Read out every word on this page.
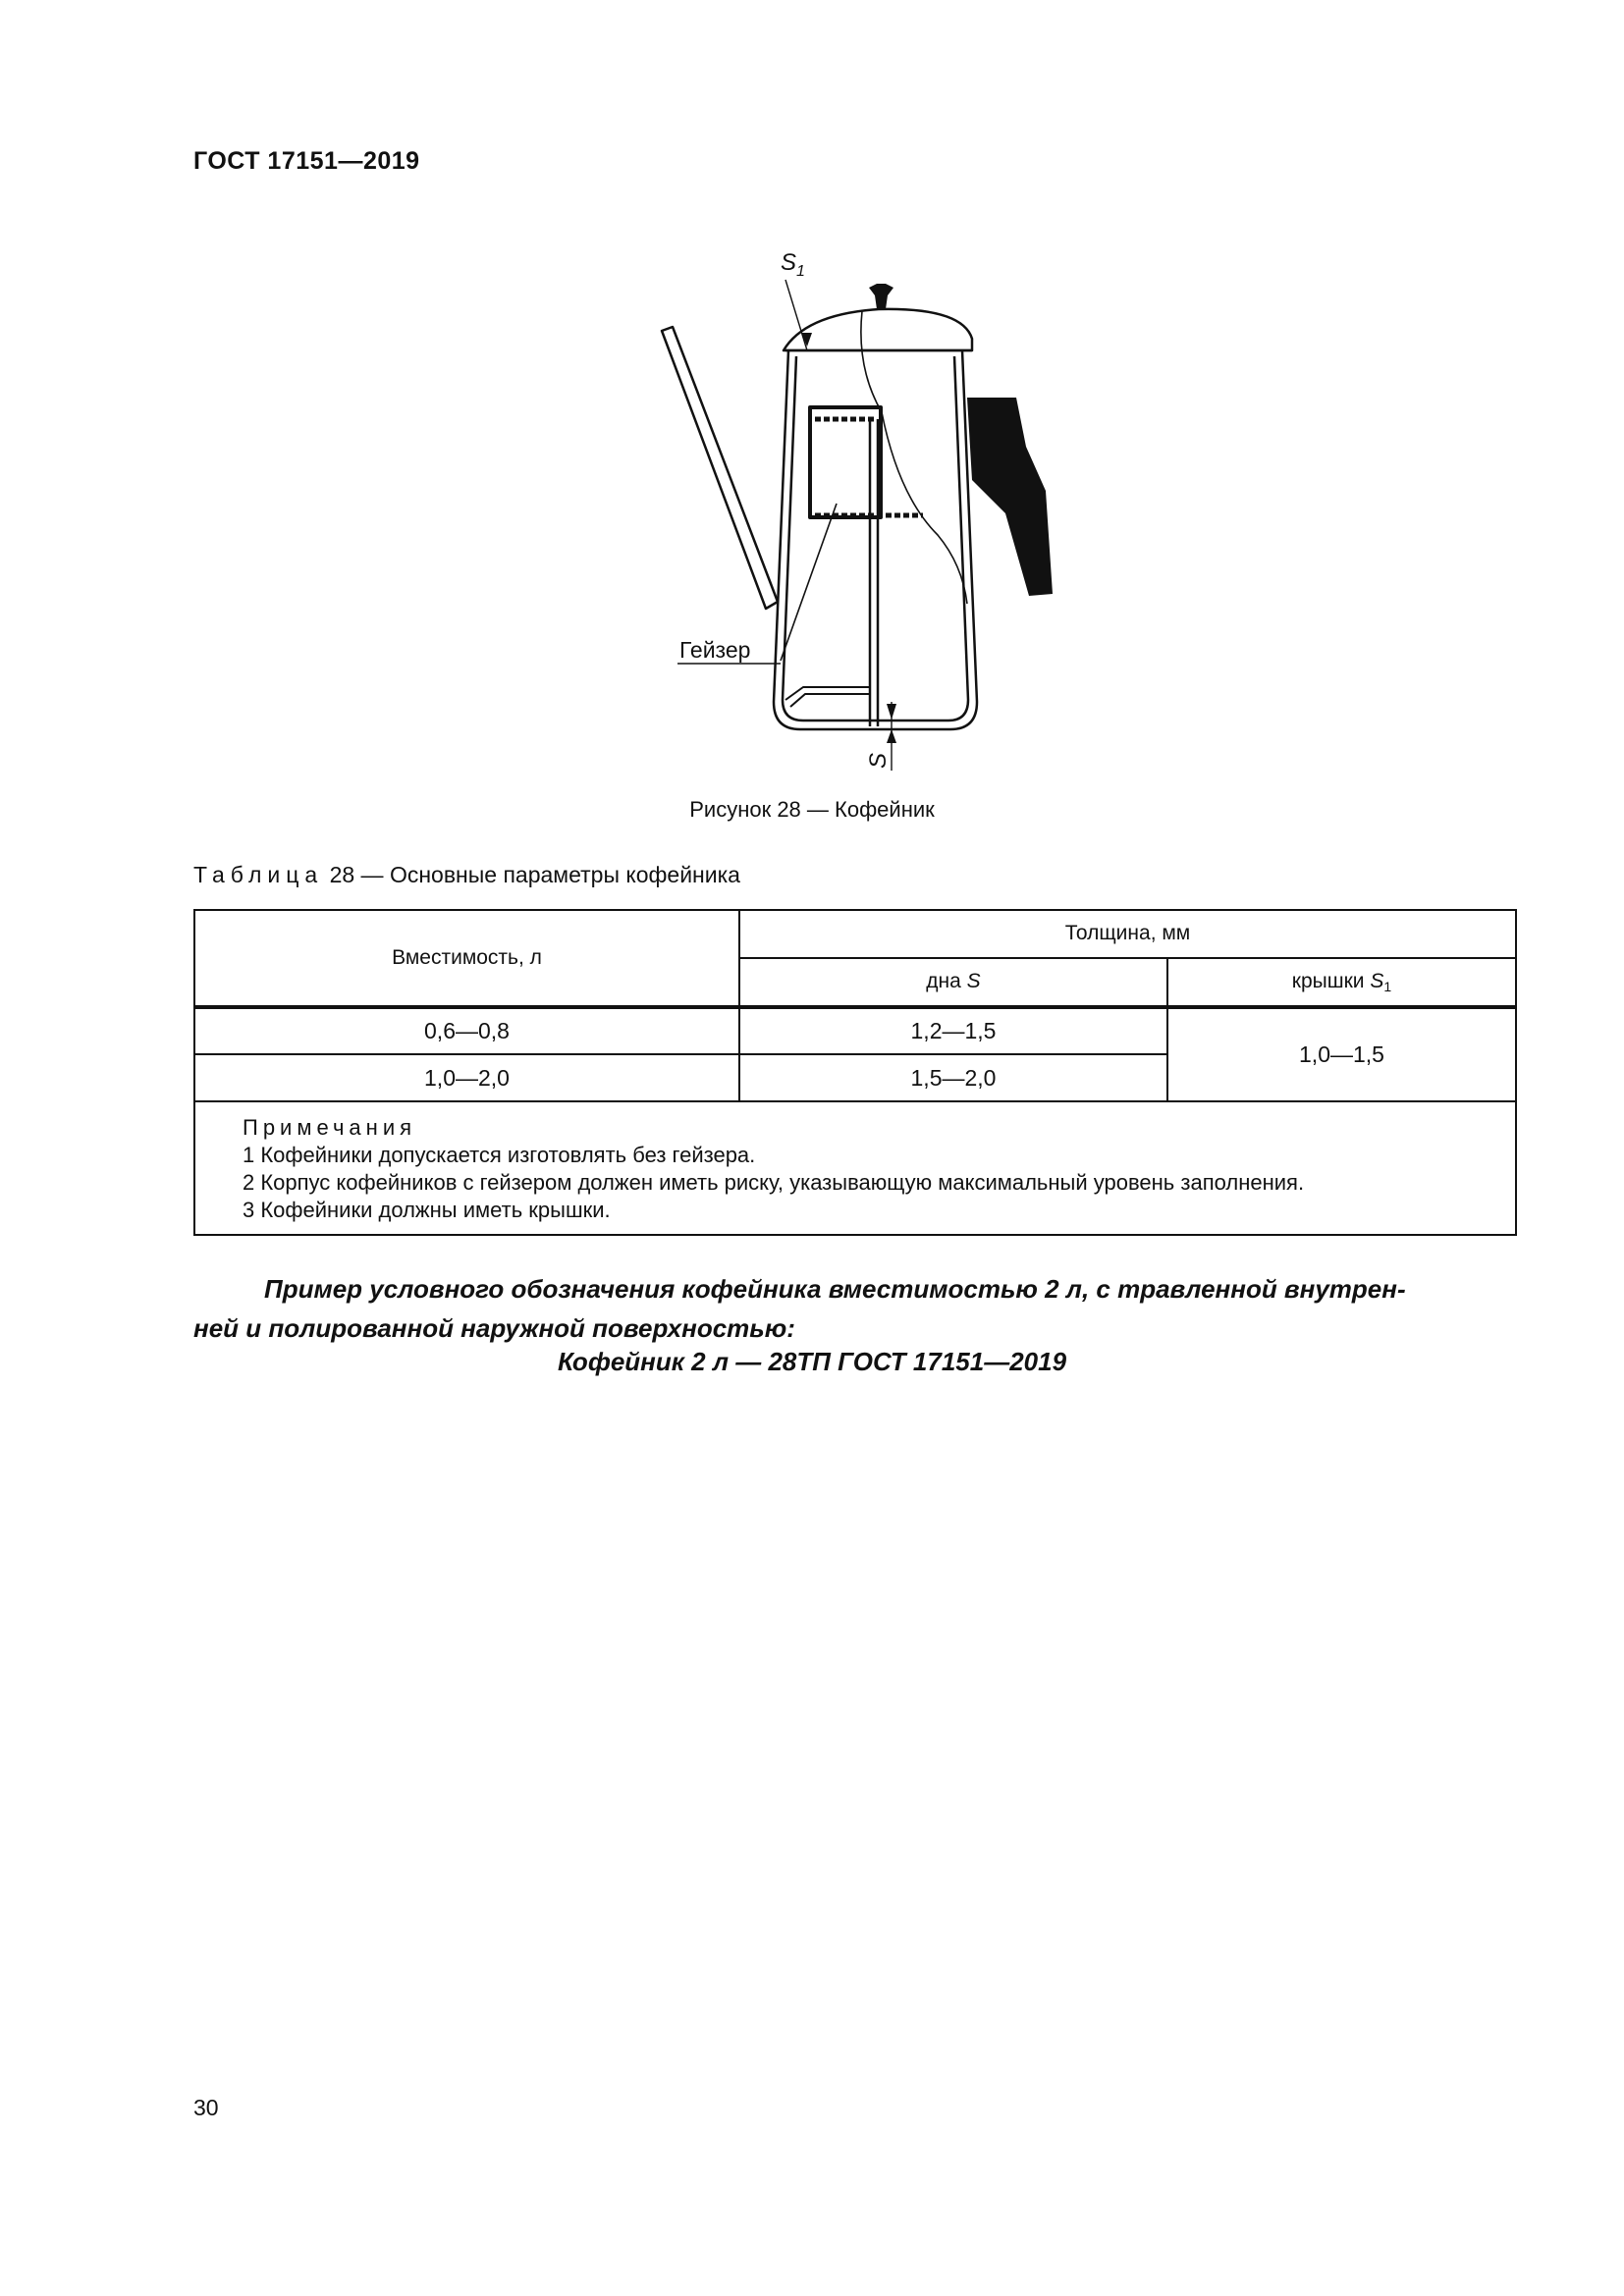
ГОСТ 17151—2019
$S_1$
Гейзер
S
Рисунок 28 — Кофейник
Таблица 28 — Основные параметры кофейника
Вместимость, л	Толщина, мм	
	дна S	крышки $S_1$
0,6—0,8	1,2—1,5	1,0—1,5
1,0—2,0	1,5—2,0	

Примечания
1 Кофейники допускается изготовлять без гейзера.
2 Корпус кофейников с гейзером должен иметь риску, указывающую максимальный уровень заполнения.
3 Кофейники должны иметь крышки.		
Пример условного обозначения кофейника вместимостью 2 л, с травленной внутрен-
ней и полированной наружной поверхностью:
Кофейник 2 л — 28ТП ГОСТ 17151—2019
30
